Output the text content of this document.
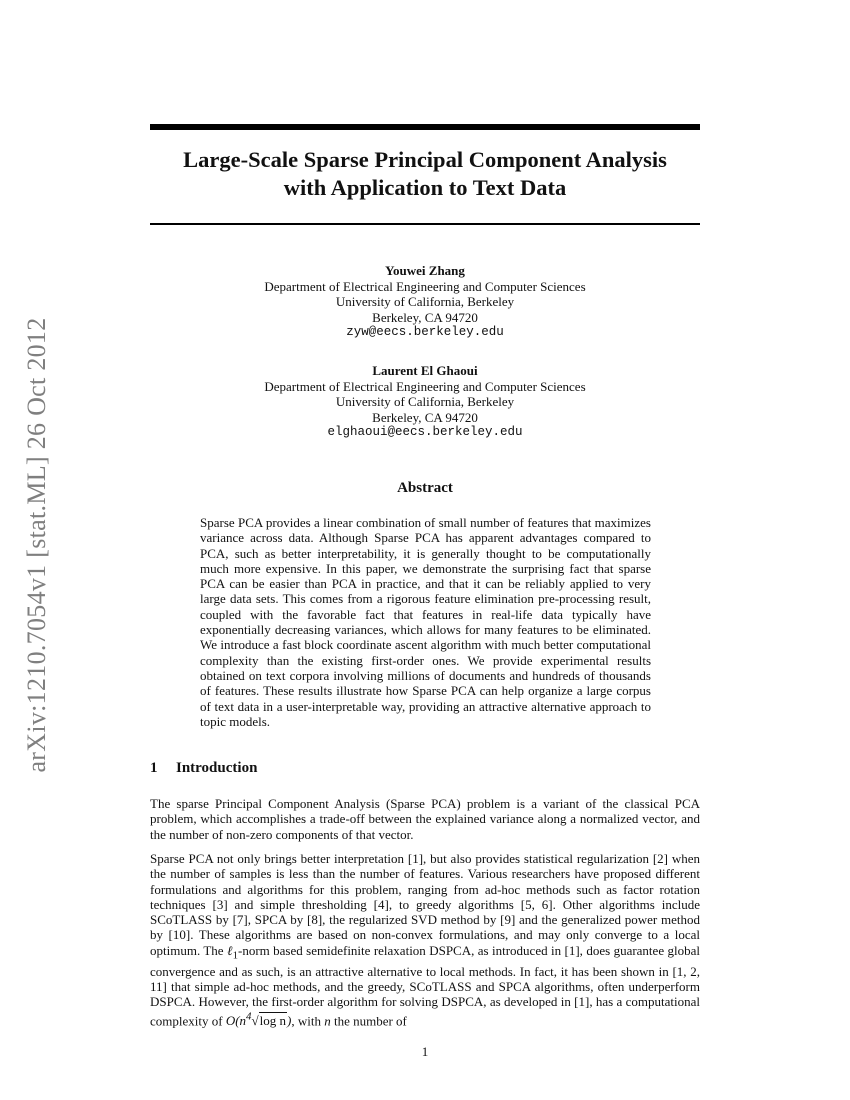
arXiv:1210.7054v1 [stat.ML] 26 Oct 2012
Large-Scale Sparse Principal Component Analysis
with Application to Text Data
Youwei Zhang
Department of Electrical Engineering and Computer Sciences
University of California, Berkeley
Berkeley, CA 94720
zyw@eecs.berkeley.edu
Laurent El Ghaoui
Department of Electrical Engineering and Computer Sciences
University of California, Berkeley
Berkeley, CA 94720
elghaoui@eecs.berkeley.edu
Abstract
Sparse PCA provides a linear combination of small number of features that maximizes variance across data. Although Sparse PCA has apparent advantages compared to PCA, such as better interpretability, it is generally thought to be computationally much more expensive. In this paper, we demonstrate the surprising fact that sparse PCA can be easier than PCA in practice, and that it can be reliably applied to very large data sets. This comes from a rigorous feature elimination pre-processing result, coupled with the favorable fact that features in real-life data typically have exponentially decreasing variances, which allows for many features to be eliminated. We introduce a fast block coordinate ascent algorithm with much better computational complexity than the existing first-order ones. We provide experimental results obtained on text corpora involving millions of documents and hundreds of thousands of features. These results illustrate how Sparse PCA can help organize a large corpus of text data in a user-interpretable way, providing an attractive alternative approach to topic models.
1 Introduction
The sparse Principal Component Analysis (Sparse PCA) problem is a variant of the classical PCA problem, which accomplishes a trade-off between the explained variance along a normalized vector, and the number of non-zero components of that vector.
Sparse PCA not only brings better interpretation [1], but also provides statistical regularization [2] when the number of samples is less than the number of features. Various researchers have proposed different formulations and algorithms for this problem, ranging from ad-hoc methods such as factor rotation techniques [3] and simple thresholding [4], to greedy algorithms [5, 6]. Other algorithms include SCoTLASS by [7], SPCA by [8], the regularized SVD method by [9] and the generalized power method by [10]. These algorithms are based on non-convex formulations, and may only converge to a local optimum. The ℓ$_1$-norm based semidefinite relaxation DSPCA, as introduced in [1], does guarantee global convergence and as such, is an attractive alternative to local methods. In fact, it has been shown in [1, 2, 11] that simple ad-hoc methods, and the greedy, SCoTLASS and SPCA algorithms, often underperform DSPCA. However, the first-order algorithm for solving DSPCA, as developed in [1], has a computational complexity of $O(n^4√\log$ n), with n the number of
1
